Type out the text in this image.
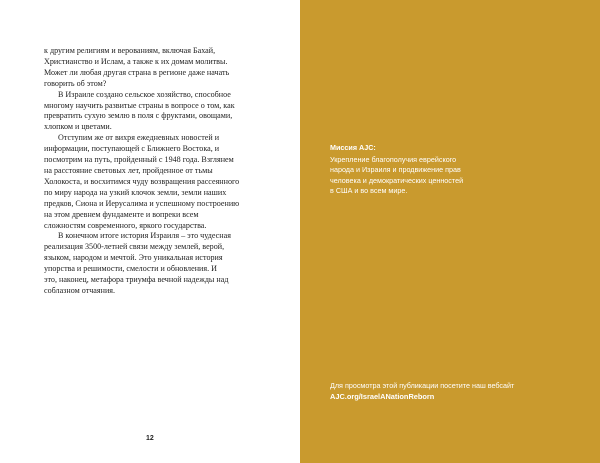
к другим религиям и верованиям, включая Бахай,
Христианство и Ислам, а также к их домам молитвы.
Может ли любая другая страна в регионе даже начать
говорить об этом?
В Израиле создано сельское хозяйство, способное
многому научить развитые страны в вопросе о том, как
превратить сухую землю в поля с фруктами, овощами,
хлопком и цветами.
Отступим же от вихря ежедневных новостей и
информации, поступающей с Ближнего Востока, и
посмотрим на путь, пройденный с 1948 года. Взглянем
на расстояние световых лет, пройденное от тьмы
Холокоста, и восхитимся чуду возвращения рассеянного
по миру народа на узкий клочок земли, земли наших
предков, Сиона и Иерусалима и успешному построению
на этом древнем фундаменте и вопреки всем
сложностям современного, яркого государства.
В конечном итоге история Израиля – это чудесная
реализация 3500-летней связи между землей, верой,
языком, народом и мечтой. Это уникальная история
упорства и решимости, смелости и обновления. И
это, наконец, метафора триумфа вечной надежды над
соблазном отчаяния.
12
Миссия AJC:
Укрепление благополучия еврейского
народа и Израиля и продвижение прав
человека и демократических ценностей
в США и во всем мире.
Для просмотра этой публикации посетите наш вебсайт
AJC.org/IsraelANationReborn
